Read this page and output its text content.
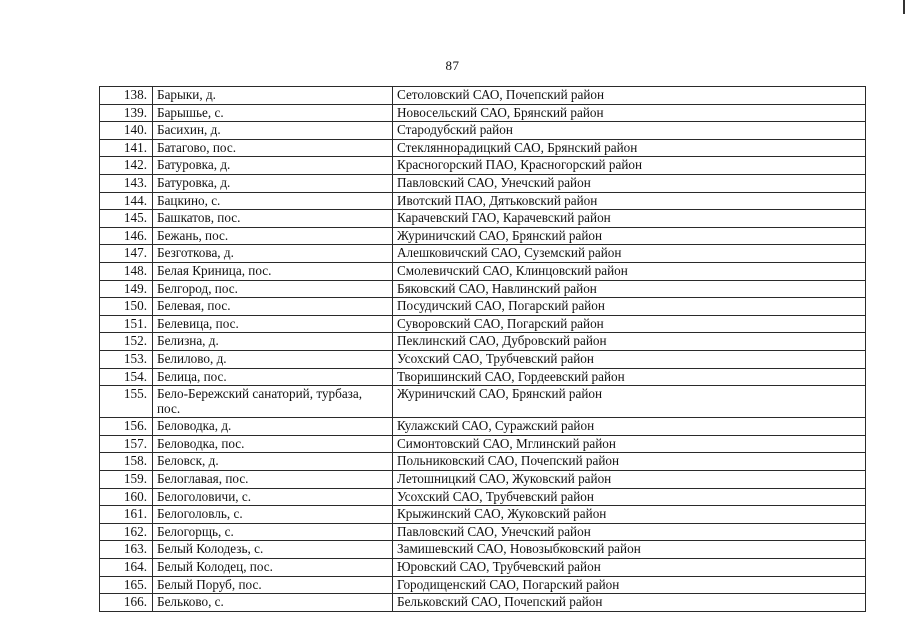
87
138.	Барыки, д.	Сетоловский САО, Почепский район
139.	Барышье, с.	Новосельский САО, Брянский район
140.	Басихин, д.	Стародубский район
141.	Батагово, пос.	Стекляннорадицкий САО, Брянский район
142.	Батуровка, д.	Красногорский ПАО, Красногорский район
143.	Батуровка, д.	Павловский САО, Унечский район
144.	Бацкино, с.	Ивотский ПАО, Дятьковский район
145.	Башкатов, пос.	Карачевский ГАО, Карачевский район
146.	Бежань, пос.	Журиничский САО, Брянский район
147.	Безготкова, д.	Алешковичский САО, Суземский район
148.	Белая Криница, пос.	Смолевичский САО, Клинцовский район
149.	Белгород, пос.	Бяковский САО, Навлинский район
150.	Белевая, пос.	Посудичский САО, Погарский район
151.	Белевица, пос.	Суворовский САО, Погарский район
152.	Белизна, д.	Пеклинский САО, Дубровский район
153.	Белилово, д.	Усохский САО, Трубчевский район
154.	Белица, пос.	Творишинский САО, Гордеевский район
155.	Бело-Бережский санаторий, турбаза, пос.	Журиничский САО, Брянский район
156.	Беловодка, д.	Кулажский САО, Суражский район
157.	Беловодка, пос.	Симонтовский САО, Мглинский район
158.	Беловск, д.	Польниковский САО, Почепский район
159.	Белоглавая, пос.	Летошницкий САО, Жуковский район
160.	Белоголовичи, с.	Усохский САО, Трубчевский район
161.	Белоголовль, с.	Крыжинский САО, Жуковский район
162.	Белогорщь, с.	Павловский САО, Унечский район
163.	Белый Колодезь, с.	Замишевский САО, Новозыбковский район
164.	Белый Колодец, пос.	Юровский САО, Трубчевский район
165.	Белый Поруб, пос.	Городищенский САО, Погарский район
166.	Бельково, с.	Бельковский САО, Почепский район
